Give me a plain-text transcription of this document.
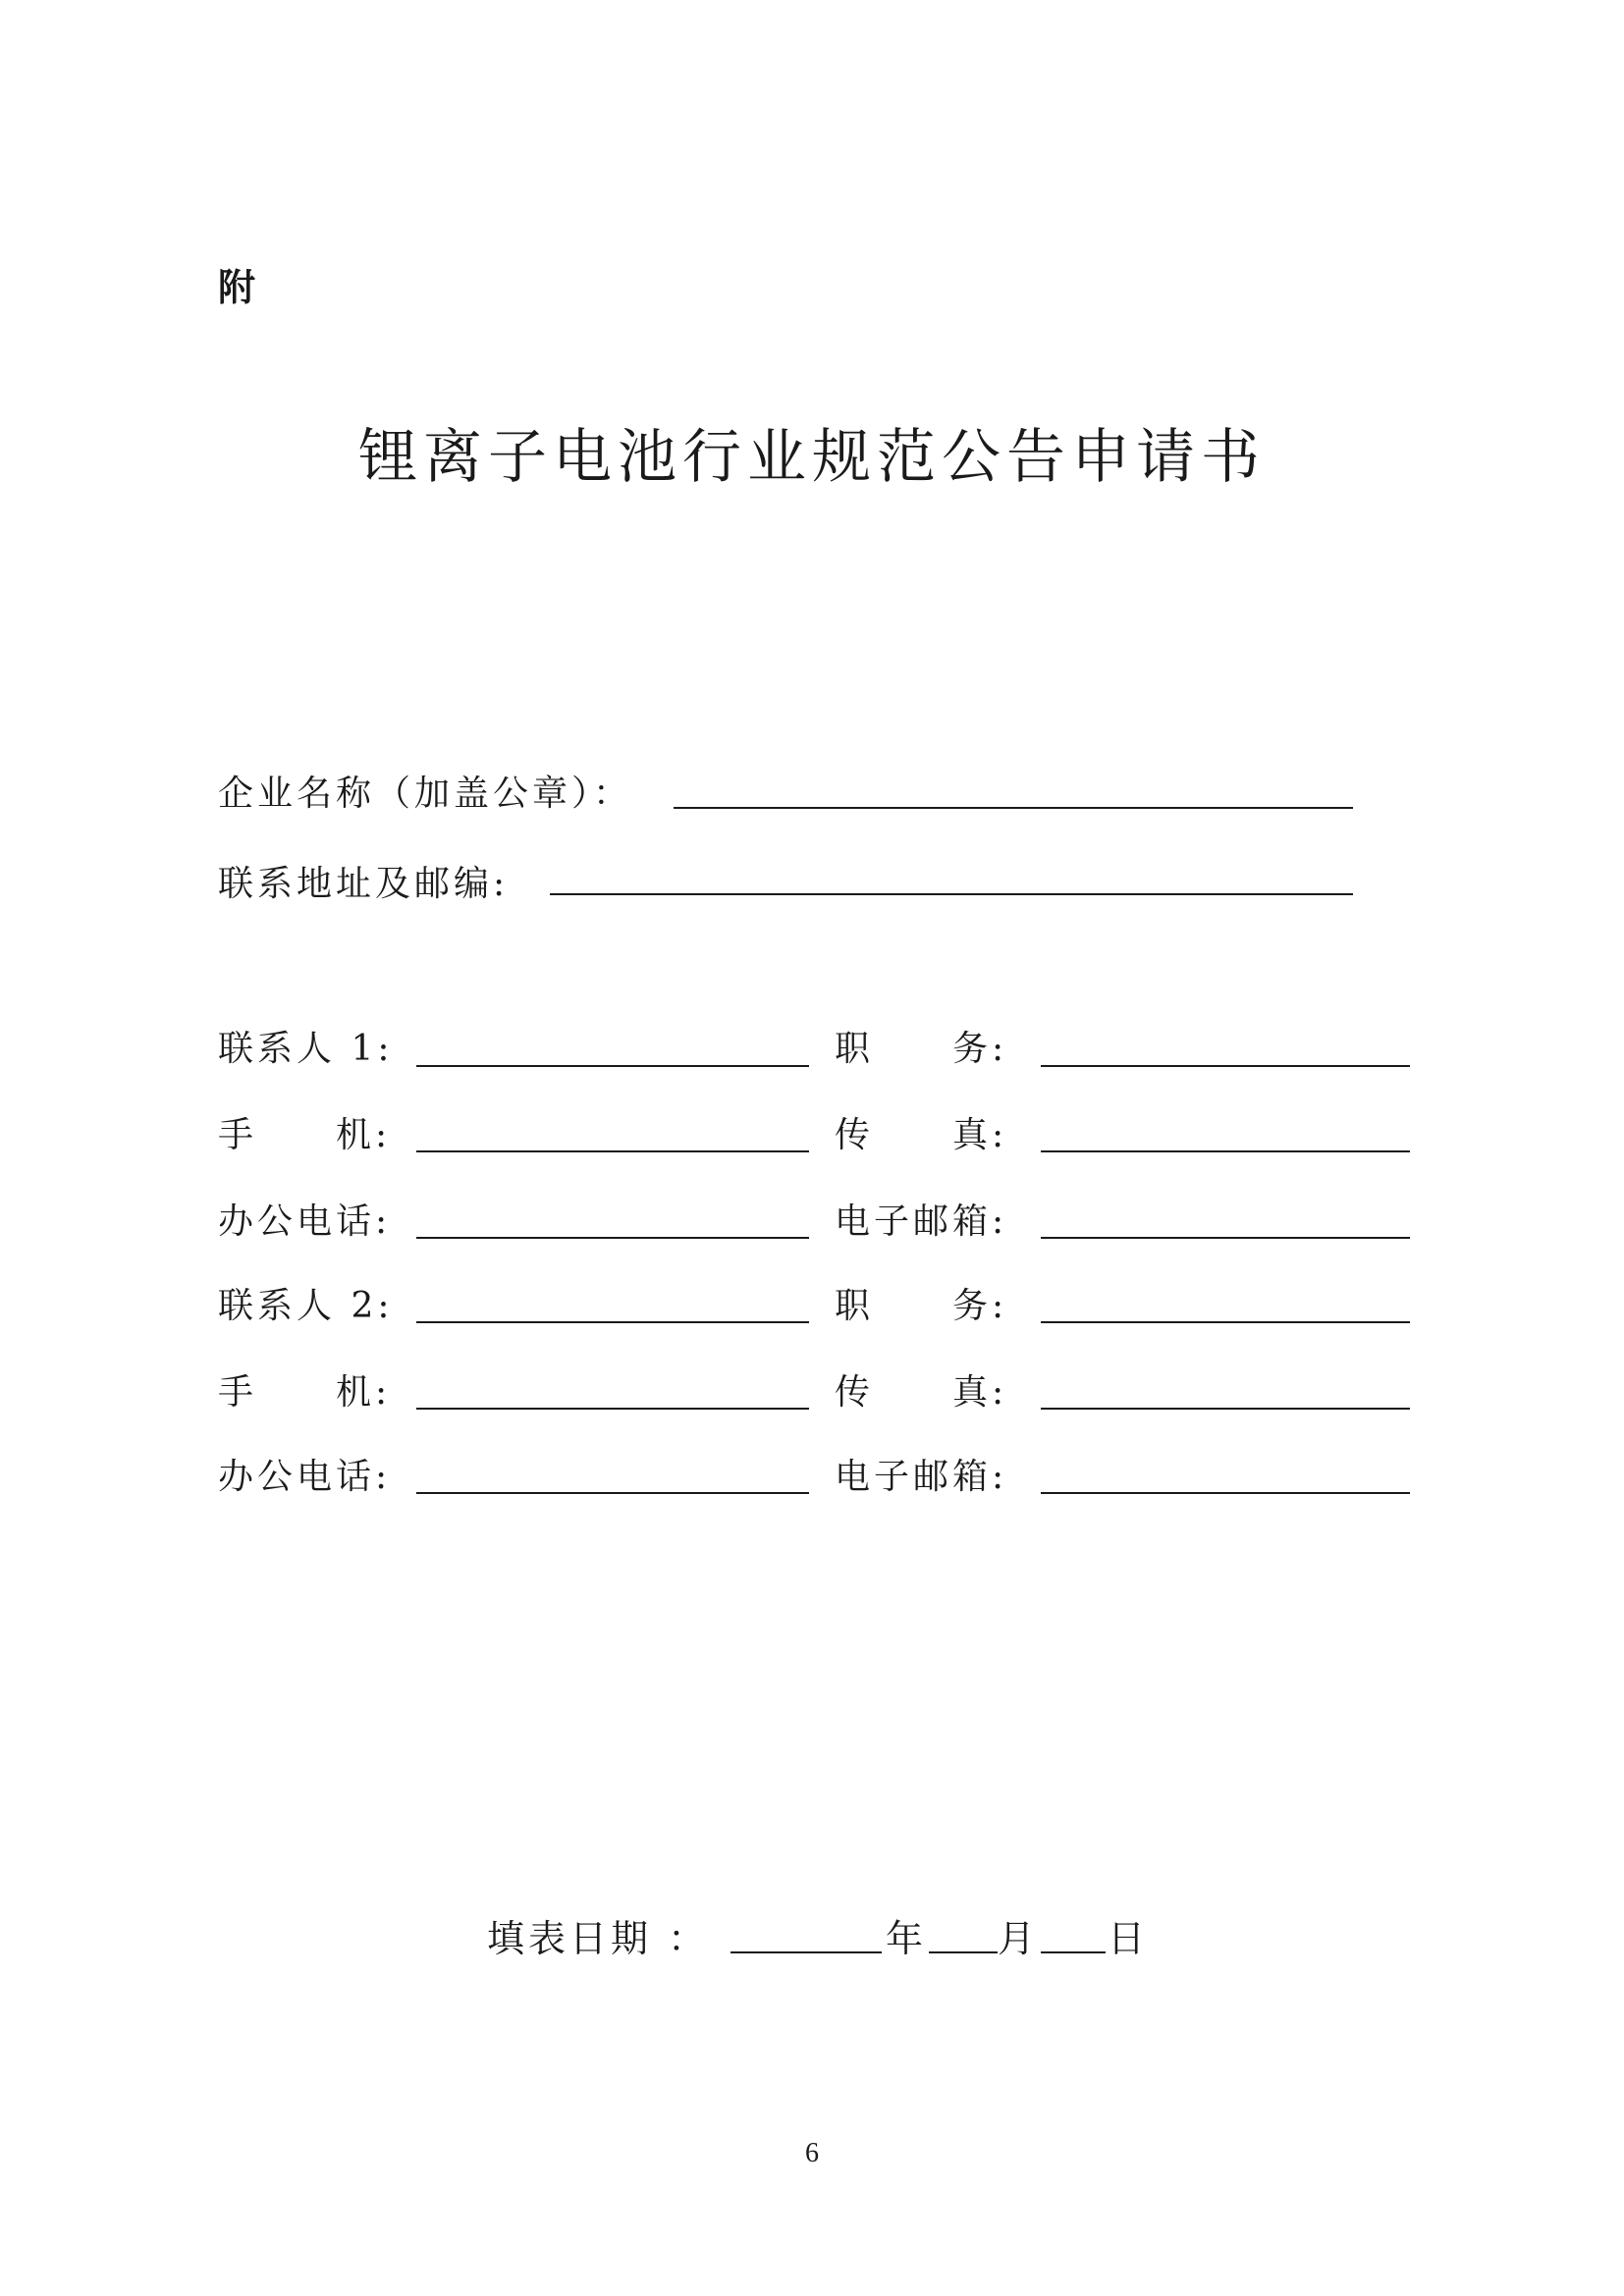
附
锂离子电池行业规范公告申请书
企业名称（加盖公章）：
联系地址及邮编:
联系人 1:	职　　务:
手　　机:	传　　真:
办公电话:	电子邮箱:
联系人 2:	职　　务:
手　　机:	传　　真:
办公电话:	电子邮箱:
填表日期 ：	年 月 日
6
